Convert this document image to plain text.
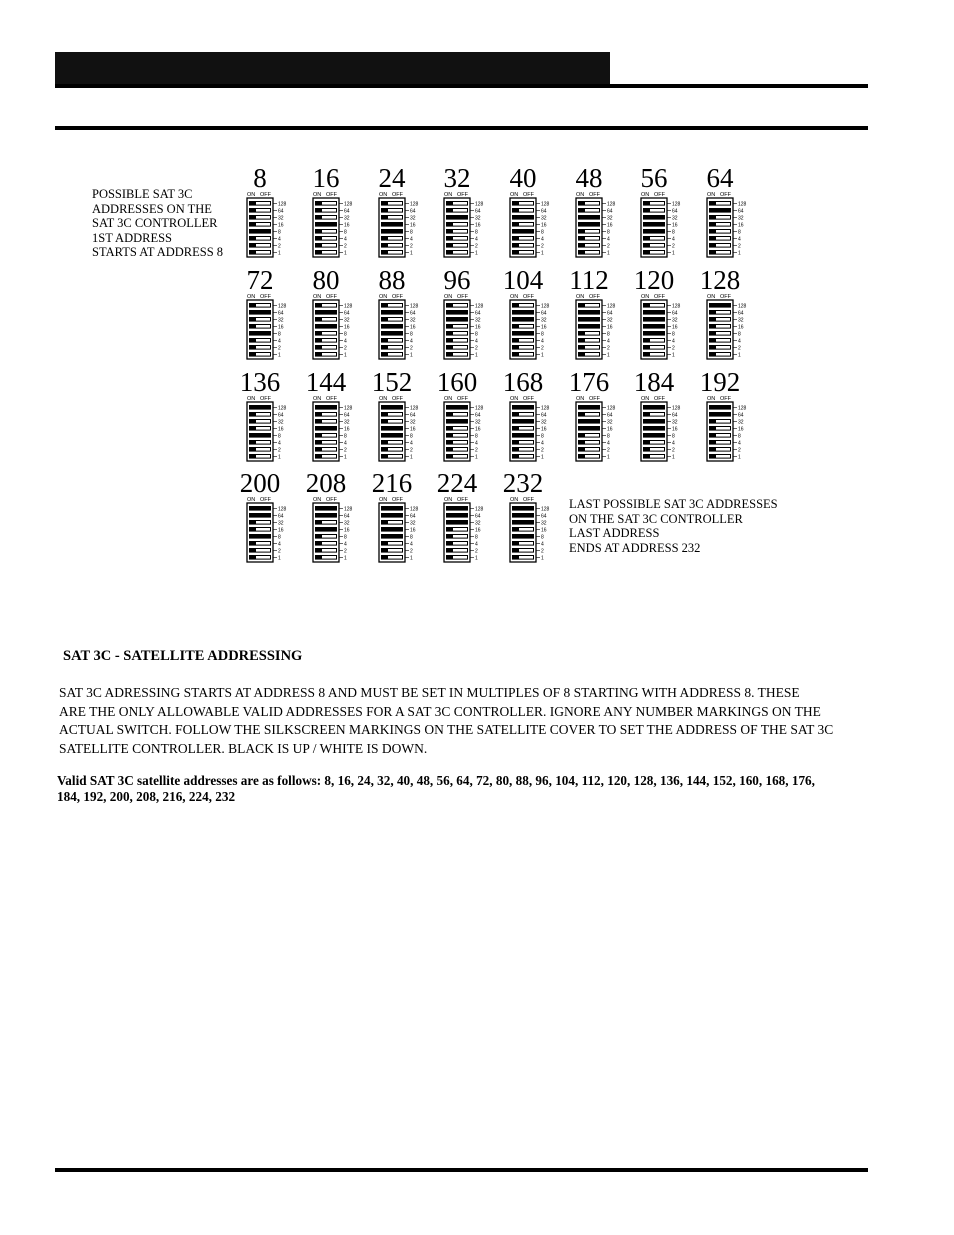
POSSIBLE SAT 3C
ADDRESSES ON THE
SAT 3C CONTROLLER
1ST ADDRESS
STARTS AT ADDRESS 8
LAST POSSIBLE SAT 3C ADDRESSES
ON THE SAT 3C CONTROLLER
LAST ADDRESS
ENDS AT ADDRESS 232
8
ON OFF
128
64
32
16
8
4
2
1
16
ON OFF
128
64
32
16
8
4
2
1
24
ON OFF
128
64
32
16
8
4
2
1
32
ON OFF
128
64
32
16
8
4
2
1
40
ON OFF
128
64
32
16
8
4
2
1
48
ON OFF
128
64
32
16
8
4
2
1
56
ON OFF
128
64
32
16
8
4
2
1
64
ON OFF
128
64
32
16
8
4
2
1
72
ON OFF
128
64
32
16
8
4
2
1
80
ON OFF
128
64
32
16
8
4
2
1
88
ON OFF
128
64
32
16
8
4
2
1
96
ON OFF
128
64
32
16
8
4
2
1
104
ON OFF
128
64
32
16
8
4
2
1
112
ON OFF
128
64
32
16
8
4
2
1
120
ON OFF
128
64
32
16
8
4
2
1
128
ON OFF
128
64
32
16
8
4
2
1
136
ON OFF
128
64
32
16
8
4
2
1
144
ON OFF
128
64
32
16
8
4
2
1
152
ON OFF
128
64
32
16
8
4
2
1
160
ON OFF
128
64
32
16
8
4
2
1
168
ON OFF
128
64
32
16
8
4
2
1
176
ON OFF
128
64
32
16
8
4
2
1
184
ON OFF
128
64
32
16
8
4
2
1
192
ON OFF
128
64
32
16
8
4
2
1
200
ON OFF
128
64
32
16
8
4
2
1
208
ON OFF
128
64
32
16
8
4
2
1
216
ON OFF
128
64
32
16
8
4
2
1
224
ON OFF
128
64
32
16
8
4
2
1
232
ON OFF
128
64
32
16
8
4
2
1
SAT 3C - SATELLITE ADDRESSING
SAT 3C ADRESSING STARTS AT ADDRESS 8 AND MUST BE SET IN MULTIPLES OF 8 STARTING WITH ADDRESS 8. THESE
ARE THE ONLY ALLOWABLE VALID ADDRESSES FOR A SAT 3C CONTROLLER. IGNORE ANY NUMBER MARKINGS ON THE
ACTUAL SWITCH. FOLLOW THE SILKSCREEN MARKINGS ON THE SATELLITE COVER TO SET THE ADDRESS OF THE SAT 3C
SATELLITE CONTROLLER. BLACK IS UP / WHITE IS DOWN.
Valid SAT 3C satellite addresses are as follows: 8, 16, 24, 32, 40, 48, 56, 64, 72, 80, 88, 96, 104, 112, 120, 128, 136, 144, 152, 160, 168, 176,
184, 192, 200, 208, 216, 224, 232
